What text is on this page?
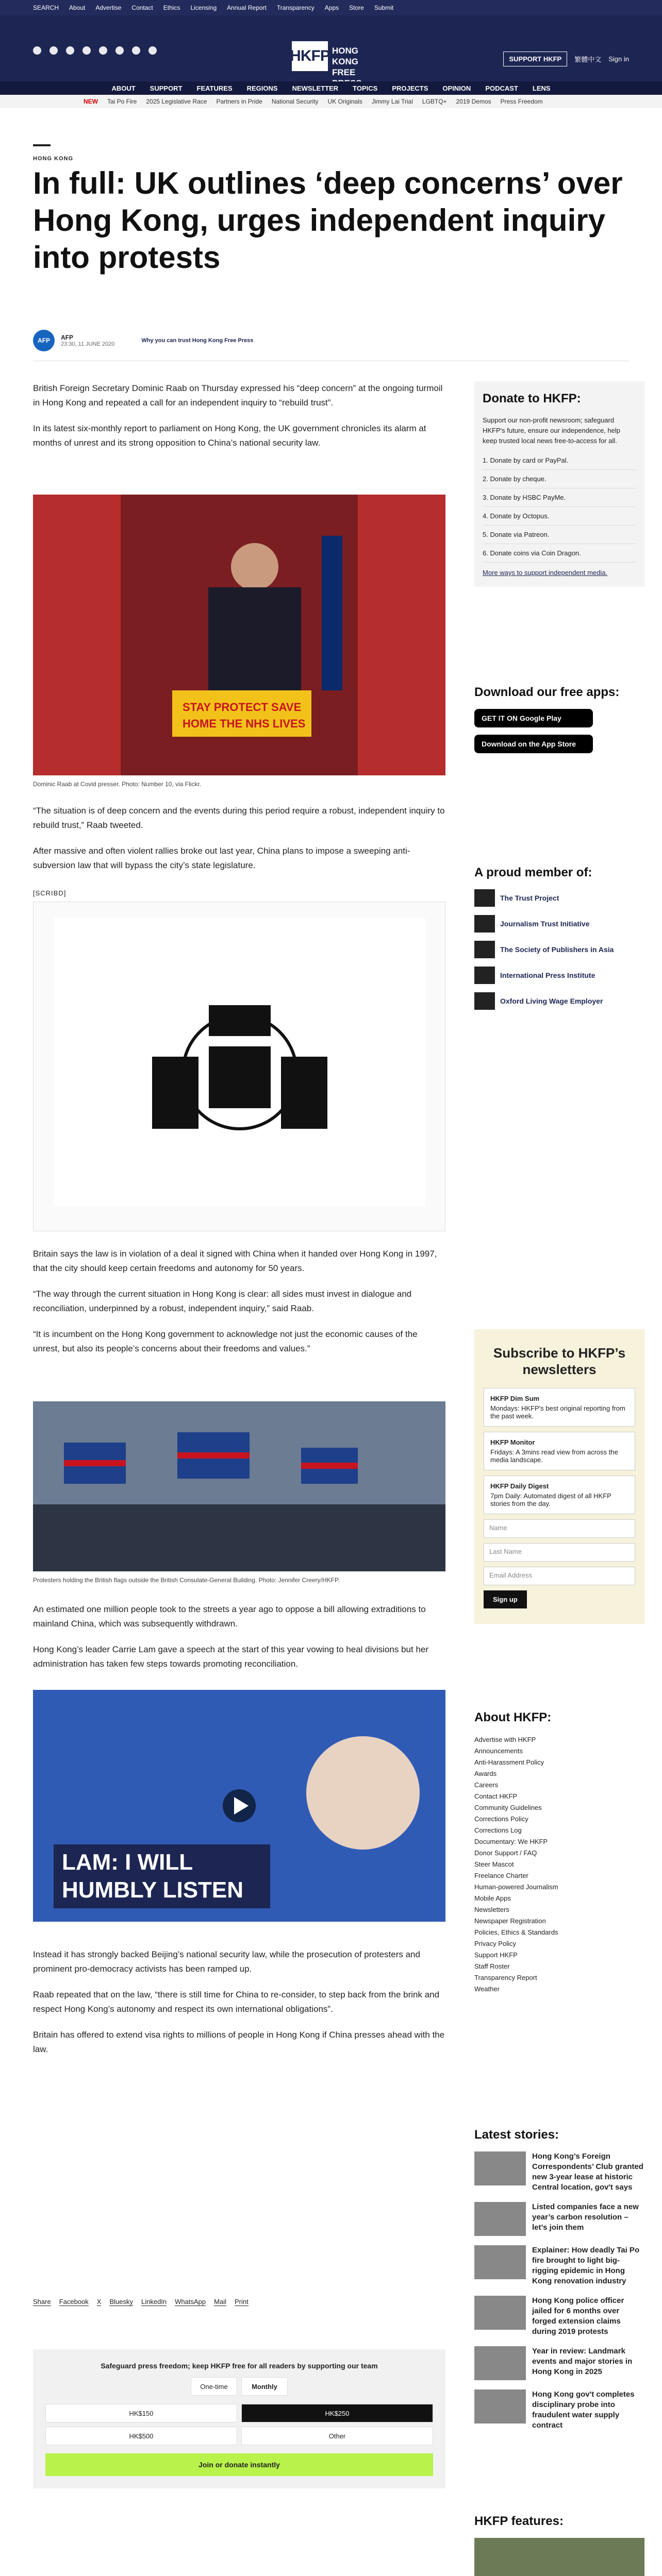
SEARCH About Advertise Contact Ethics Licensing Annual Report Transparency Apps Store Submit
HKFP HONG KONG FREE
SUPPORT HKFP	繁體中文 Sign in
ABOUT SUPPORT FEATURES REGIONS NEWSLETTER TOPICS PROJECTS OPINION PODCAST LENS
NEW Tai Po Fire 2025 Legislative Race Partners in Pride National Security UK Originals Jimmy Lai Trial LGBTQ+ 2019 Demos Press Freedom
HONG KONG
In full: UK outlines ‘deep concerns’ over Hong Kong, urges independent inquiry into protests
AFP	AFP
23:30, 11 JUNE 2020
Why you can trust Hong Kong Free Press

British Foreign Secretary Dominic Raab on Thursday expressed his “deep concern” at the ongoing turmoil in Hong Kong and repeated a call for an independent inquiry to “rebuild trust”.

In its latest six-monthly report to parliament on Hong Kong, the UK government chronicles its alarm at months of unrest and its strong opposition to China’s national security law.

STAY PROTECT SAVE
HOME THE NHS LIVES
Dominic Raab at Covid presser. Photo: Number 10, via Flickr.

“The situation is of deep concern and the events during this period require a robust, independent inquiry to rebuild trust,” Raab tweeted.

After massive and often violent rallies broke out last year, China plans to impose a sweeping anti-subversion law that will bypass the city’s state legislature.

[SCRIBD]

Britain says the law is in violation of a deal it signed with China when it handed over Hong Kong in 1997, that the city should keep certain freedoms and autonomy for 50 years.

“The way through the current situation in Hong Kong is clear: all sides must invest in dialogue and reconciliation, underpinned by a robust, independent inquiry,” said Raab.

“It is incumbent on the Hong Kong government to acknowledge not just the economic causes of the unrest, but also its people’s concerns about their freedoms and values.”

Protesters holding the British flags outside the British Consulate-General Building. Photo: Jennifer Creery/HKFP.

An estimated one million people took to the streets a year ago to oppose a bill allowing extraditions to mainland China, which was subsequently withdrawn.

Hong Kong’s leader Carrie Lam gave a speech at the start of this year vowing to heal divisions but her administration has taken few steps towards promoting reconciliation.

LAM: I WILL HUMBLY LISTEN

Instead it has strongly backed Beijing’s national security law, while the prosecution of protesters and prominent pro-democracy activists has been ramped up.

Raab repeated that on the law, “there is still time for China to re-consider, to step back from the brink and respect Hong Kong’s autonomy and respect its own international obligations”.

Britain has offered to extend visa rights to millions of people in Hong Kong if China presses ahead with the law.

Share Facebook X Bluesky LinkedIn WhatsApp Mail Print
Safeguard press freedom; keep HKFP free for all readers by supporting our team
One-time	Monthly
HK$150	HK$250
HK$500	Other
Join or donate instantly
Donate to HKFP:

Support our non-profit newsroom; safeguard HKFP's future, ensure our independence, help keep trusted local news free-to-access for all.

1. Donate by card or PayPal.
2. Donate by cheque.
3. Donate by HSBC PayMe.
4. Donate by Octopus.
5. Donate via Patreon.
6. Donate coins via Coin Dragon.
More ways to support independent media.
Download our free apps:
GET IT ON Google Play Download on the App Store
A proud member of:
The Trust Project
Journalism Trust Initiative
The Society of Publishers in Asia
International Press Institute
Oxford Living Wage Employer
Subscribe to HKFP’s newsletters
HKFP Dim Sum
Mondays: HKFP's best original reporting from the past week.
HKFP Monitor
Fridays: A 3mins read view from across the media landscape.
HKFP Daily Digest
7pm Daily: Automated digest of all HKFP stories from the day.
Name
Last Name
Email Address
Sign up
About HKFP:
Advertise with HKFP
Announcements
Anti-Harassment Policy
Awards
Careers
Contact HKFP
Community Guidelines
Corrections Policy
Corrections Log
Documentary: We HKFP
Donor Support / FAQ
Steer Mascot
Freelance Charter
Human-powered Journalism
Mobile Apps
Newsletters
Newspaper Registration
Policies, Ethics & Standards
Privacy Policy
Support HKFP
Staff Roster
Transparency Report
Weather
Latest stories:
Hong Kong’s Foreign Correspondents’ Club granted new 3-year lease at historic Central location, gov't says
Listed companies face a new year’s carbon resolution – let’s join them
Explainer: How deadly Tai Po fire brought to light big-rigging epidemic in Hong Kong renovation industry
Hong Kong police officer jailed for 6 months over forged extension claims during 2019 protests
Year in review: Landmark events and major stories in Hong Kong in 2025
Hong Kong gov't completes disciplinary probe into fraudulent water supply contract
HKFP features:
